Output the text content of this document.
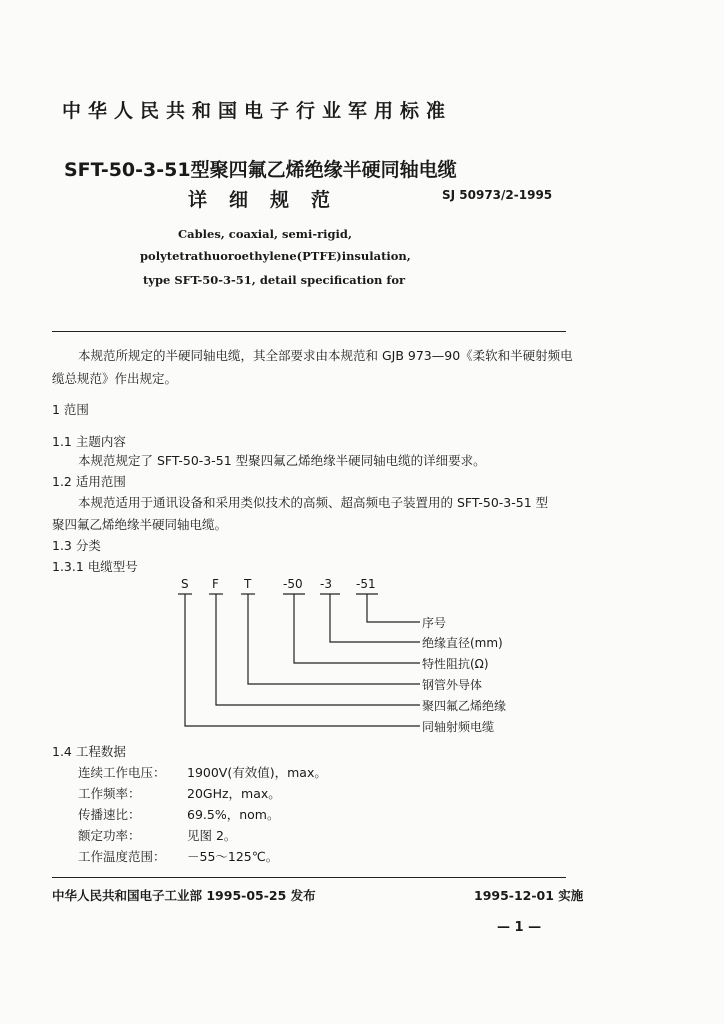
中华人民共和国电子行业军用标准
SFT-50-3-51型聚四氟乙烯绝缘半硬同轴电缆
详细规范	SJ 50973/2-1995
Cables, coaxial, semi-rigid,
polytetrathuoroethylene(PTFE)insulation,
type SFT-50-3-51, detail specification for
本规范所规定的半硬同轴电缆，其全部要求由本规范和 GJB 973—90《柔软和半硬射频电
缆总规范》作出规定。
1 范围
1.1 主题内容
本规范规定了 SFT-50-3-51 型聚四氟乙烯绝缘半硬同轴电缆的详细要求。
1.2 适用范围
本规范适用于通讯设备和采用类似技术的高频、超高频电子装置用的 SFT-50-3-51 型
聚四氟乙烯绝缘半硬同轴电缆。
1.3 分类
1.3.1 电缆型号
S F T	-50 -3 -51
序号
绝缘直径(mm)
特性阻抗(Ω)
钢管外导体
聚四氟乙烯绝缘
同轴射频电缆
1.4 工程数据
连续工作电压： 1900V(有效值)，max。
工作频率：	20GHz，max。
传播速比：	69.5%，nom。
额定功率：	见图 2。
工作温度范围： －55～125℃。
中华人民共和国电子工业部 1995-05-25 发布	1995-12-01 实施
— 1 —
